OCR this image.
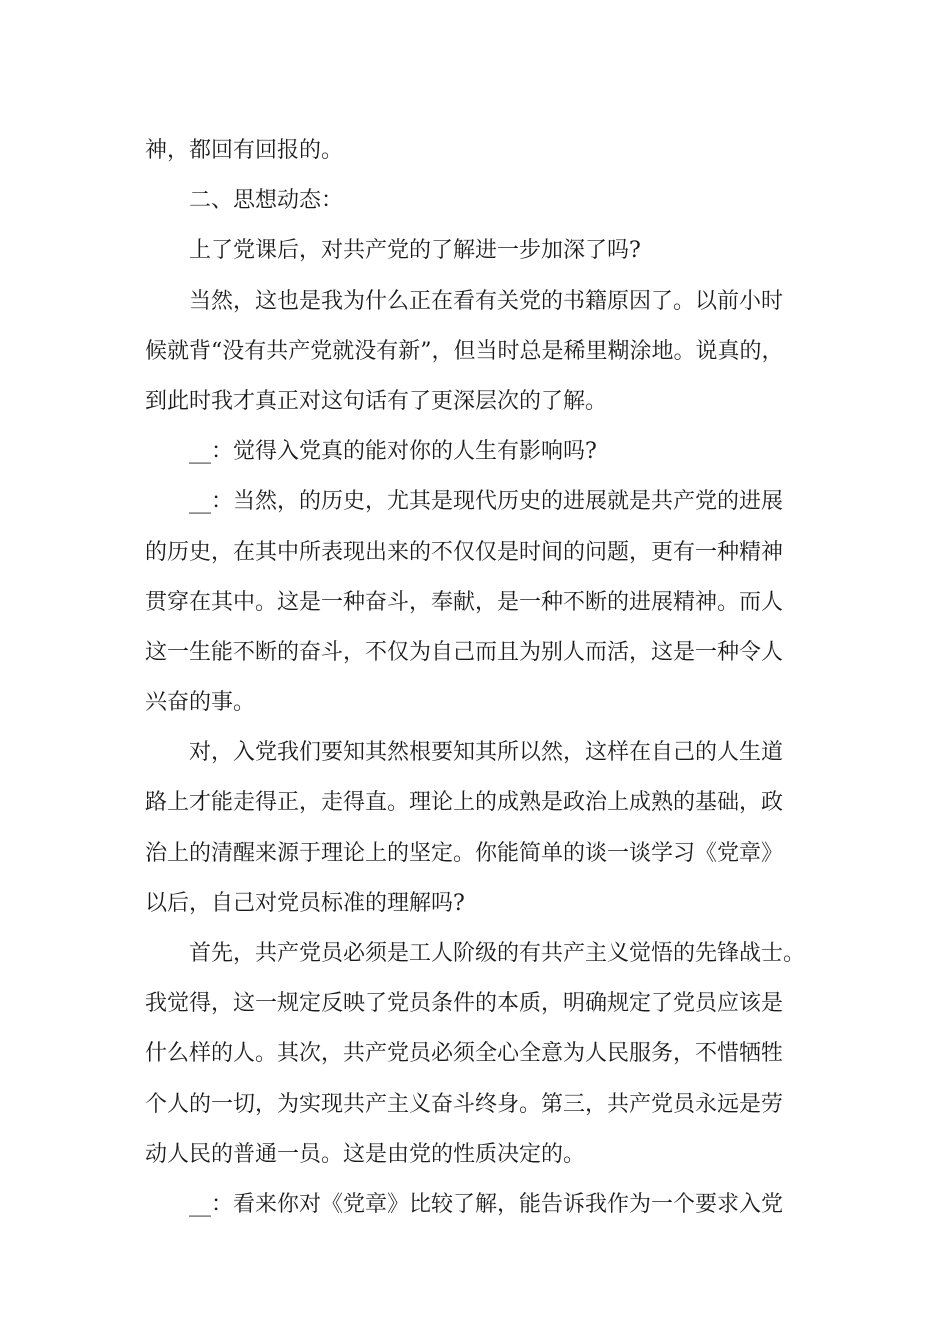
神，都回有回报的。
二、思想动态：
上了党课后，对共产党的了解进一步加深了吗?
当然，这也是我为什么正在看有关党的书籍原因了。以前小时
候就背“没有共产党就没有新”，但当时总是稀里糊涂地。说真的，
到此时我才真正对这句话有了更深层次的了解。
__：觉得入党真的能对你的人生有影响吗?
__：当然，的历史，尤其是现代历史的进展就是共产党的进展
的历史，在其中所表现出来的不仅仅是时间的问题，更有一种精神
贯穿在其中。这是一种奋斗，奉献，是一种不断的进展精神。而人
这一生能不断的奋斗，不仅为自己而且为别人而活，这是一种令人
兴奋的事。
对，入党我们要知其然根要知其所以然，这样在自己的人生道
路上才能走得正，走得直。理论上的成熟是政治上成熟的基础，政
治上的清醒来源于理论上的坚定。你能简单的谈一谈学习《党章》
以后，自己对党员标准的理解吗?
首先，共产党员必须是工人阶级的有共产主义觉悟的先锋战士。
我觉得，这一规定反映了党员条件的本质，明确规定了党员应该是
什么样的人。其次，共产党员必须全心全意为人民服务，不惜牺牲
个人的一切，为实现共产主义奋斗终身。第三，共产党员永远是劳
动人民的普通一员。这是由党的性质决定的。
__：看来你对《党章》比较了解，能告诉我作为一个要求入党
